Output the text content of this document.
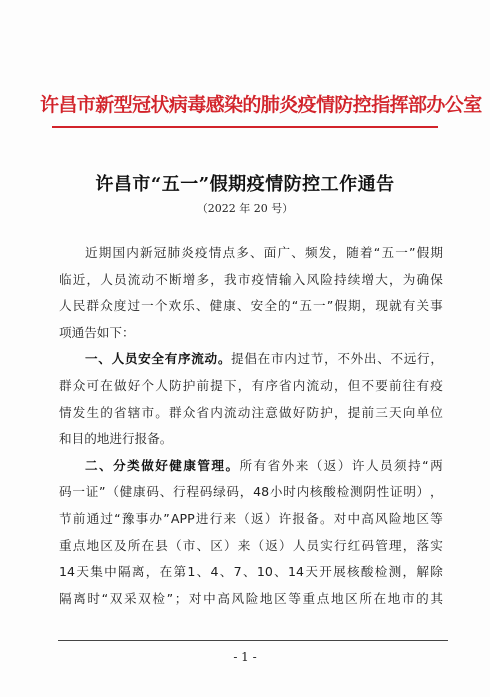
许昌市新型冠状病毒感染的肺炎疫情防控指挥部办公室
许昌市“五一”假期疫情防控工作通告
（2022 年 20 号）
近 期 国 内 新 冠 肺 炎 疫 情 点 多 、 面 广 、 频 发 ， 随 着 “ 五 一 ” 假 期
临 近 ， 人 员 流 动 不 断 增 多 ， 我 市 疫 情 输 入 风 险 持 续 增 大 ， 为 确 保
人 民 群 众 度 过 一 个 欢 乐 、 健 康 、 安 全 的 “ 五 一 ” 假 期 ， 现 就 有 关 事
项 通 告 如 下 ：
一 、 人 员 安 全 有 序 流 动 。 提 倡 在 市 内 过 节 ， 不 外 出 、 不 远 行 ，
群 众 可 在 做 好 个 人 防 护 前 提 下 ， 有 序 省 内 流 动 ， 但 不 要 前 往 有 疫
情 发 生 的 省 辖 市 。 群 众 省 内 流 动 注 意 做 好 防 护 ， 提 前 三 天 向 单 位
和 目 的 地 进 行 报 备 。
二 、 分 类 做 好 健 康 管 理 。 所 有 省 外 来 （ 返 ） 许 人 员 须 持 “ 两
码 一 证 ” （ 健 康 码 、 行 程 码 绿 码 ， 48 小 时 内 核 酸 检 测 阴 性 证 明 ） ，
节 前 通 过 “ 豫 事 办 ” APP 进 行 来 （ 返 ） 许 报 备 。 对 中 高 风 险 地 区 等
重 点 地 区 及 所 在 县 （ 市 、 区 ） 来 （ 返 ） 人 员 实 行 红 码 管 理 ， 落 实
14 天 集 中 隔 离 ， 在 第 1 、 4 、 7 、 10 、 14 天 开 展 核 酸 检 测 ， 解 除
隔 离 时 “ 双 采 双 检 ” ； 对 中 高 风 险 地 区 等 重 点 地 区 所 在 地 市 的 其
- 1 -
